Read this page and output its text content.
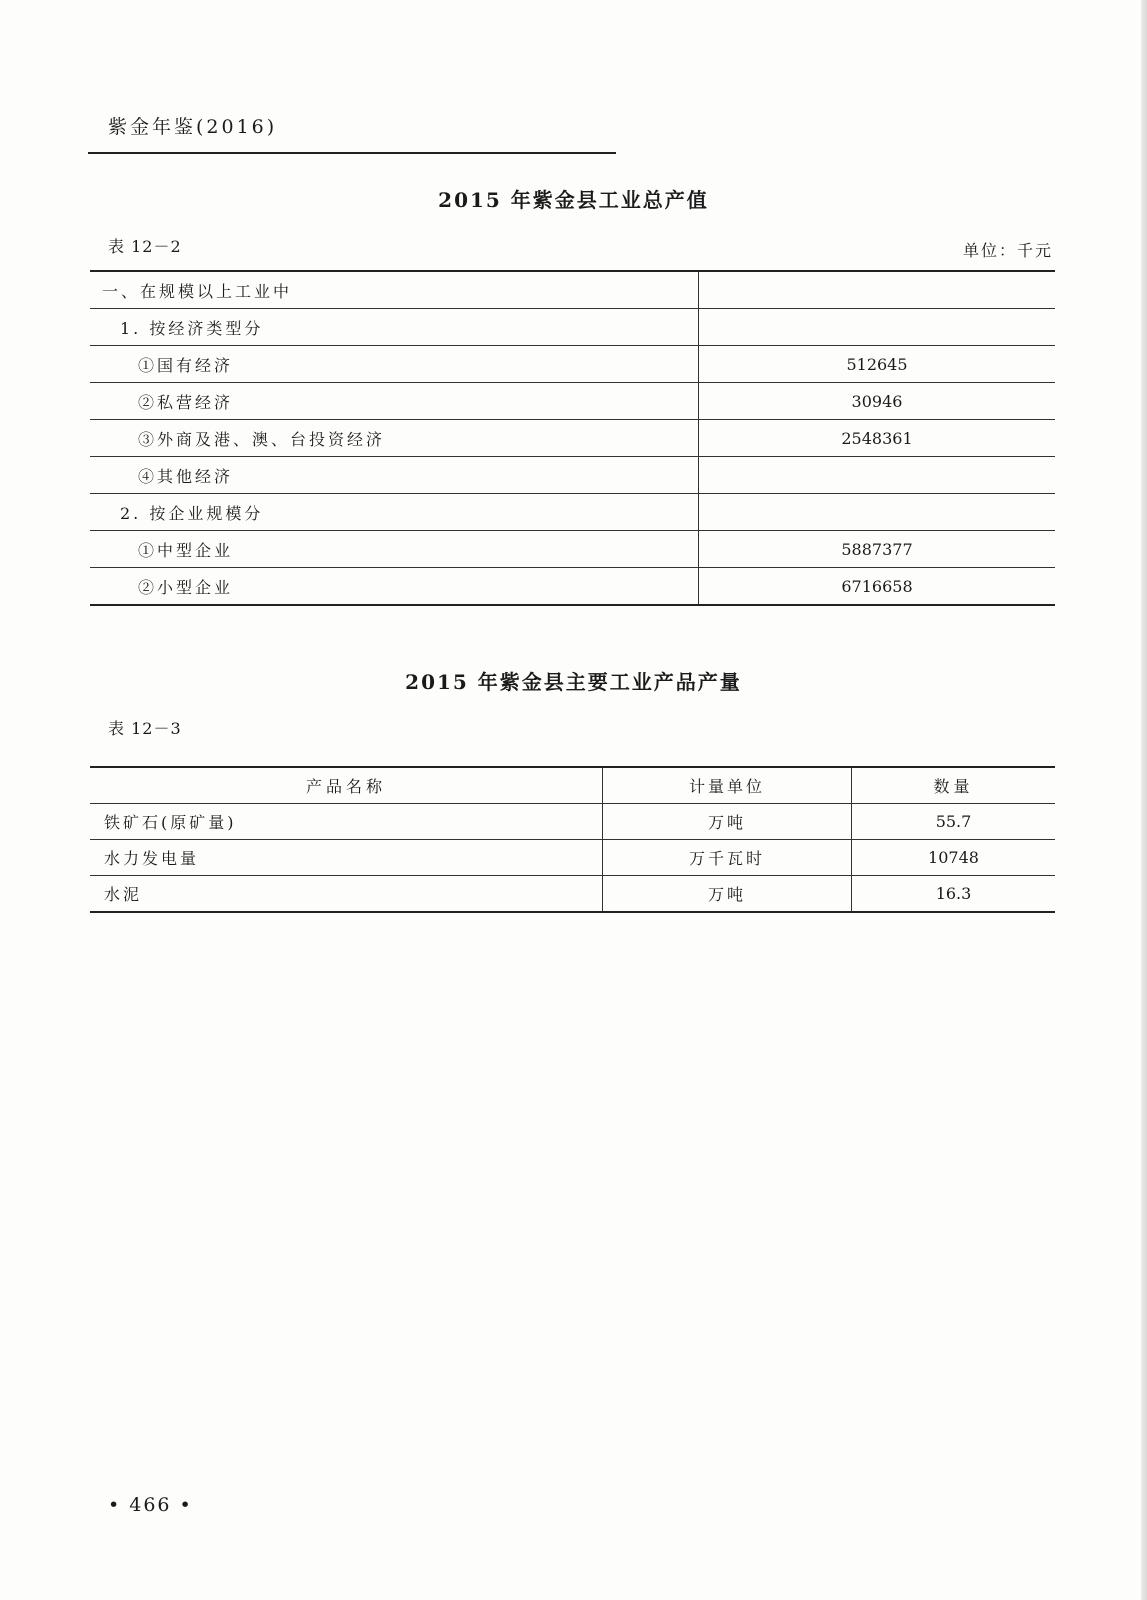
紫金年鉴(2016)
2015 年紫金县工业总产值
表 12－2	单位：千元
一、在规模以上工业中	
1. 按经济类型分	
①国有经济	512645
②私营经济	30946
③外商及港、澳、台投资经济	2548361
④其他经济	
2. 按企业规模分	
①中型企业	5887377
②小型企业	6716658
2015 年紫金县主要工业产品产量
表 12－3
产品名称	计量单位	数量
铁矿石(原矿量)	万吨	55.7
水力发电量	万千瓦时	10748
水泥	万吨	16.3
• 466 •
